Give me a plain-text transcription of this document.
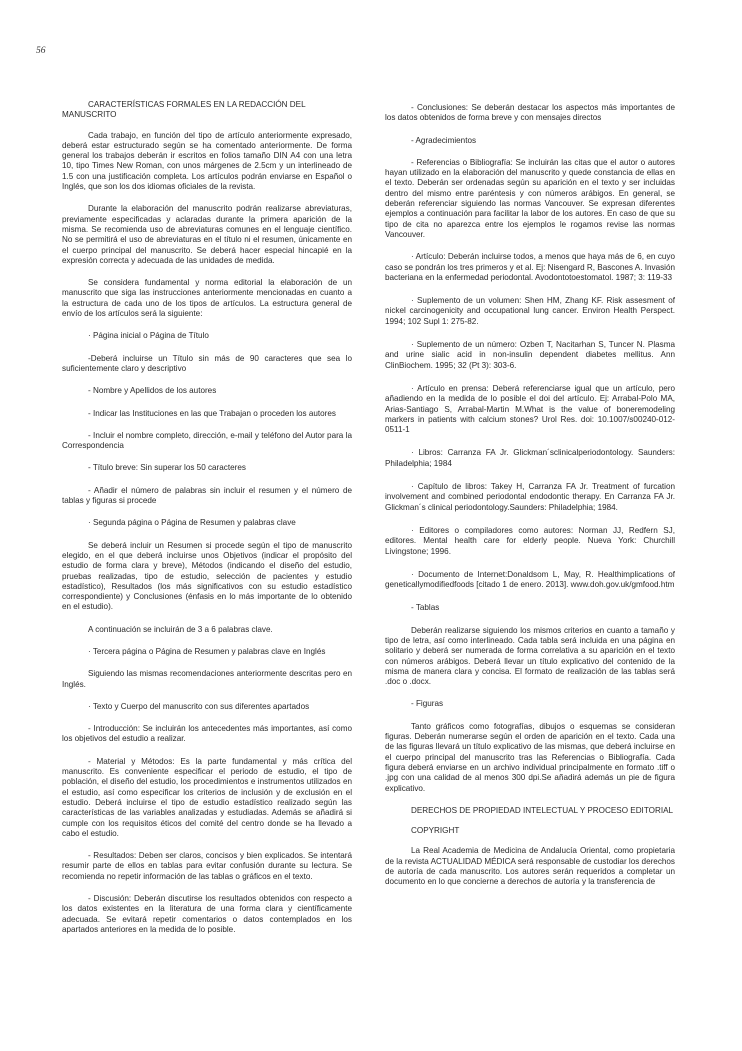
56

CARACTERÍSTICAS FORMALES EN LA REDACCIÓN DEL MANUSCRITO

Cada trabajo, en función del tipo de artículo anteriormente expresado, deberá estar estructurado según se ha comentado anteriormente. De forma general los trabajos deberán ir escritos en folios tamaño DIN A4 con una letra 10, tipo Times New Roman, con unos márgenes de 2.5cm y un interlineado de 1.5 con una justificación completa. Los artículos podrán enviarse en Español o Inglés, que son los dos idiomas oficiales de la revista.

Durante la elaboración del manuscrito podrán realizarse abreviaturas, previamente especificadas y aclaradas durante la primera aparición de la misma. Se recomienda uso de abreviaturas comunes en el lenguaje científico. No se permitirá el uso de abreviaturas en el título ni el resumen, únicamente en el cuerpo principal del manuscrito. Se deberá hacer especial hincapié en la expresión correcta y adecuada de las unidades de medida.

Se considera fundamental y norma editorial la elaboración de un manuscrito que siga las instrucciones anteriormente mencionadas en cuanto a la estructura de cada uno de los tipos de artículos. La estructura general de envío de los artículos será la siguiente:

· Página inicial o Página de Título

-Deberá incluirse un Título sin más de 90 caracteres que sea lo suficientemente claro y descriptivo

- Nombre y Apellidos de los autores

- Indicar las Instituciones en las que Trabajan o proceden los autores

- Incluir el nombre completo, dirección, e-mail y teléfono del Autor para la Correspondencia

- Título breve: Sin superar los 50 caracteres

- Añadir el número de palabras sin incluir el resumen y el número de tablas y figuras si procede

· Segunda página o Página de Resumen y palabras clave

Se deberá incluir un Resumen si procede según el tipo de manuscrito elegido, en el que deberá incluirse unos Objetivos (indicar el propósito del estudio de forma clara y breve), Métodos (indicando el diseño del estudio, pruebas realizadas, tipo de estudio, selección de pacientes y estudio estadístico), Resultados (los más significativos con su estudio estadístico correspondiente) y Conclusiones (énfasis en lo más importante de lo obtenido en el estudio).

A continuación se incluirán de 3 a 6 palabras clave.

· Tercera página o Página de Resumen y palabras clave en Inglés

Siguiendo las mismas recomendaciones anteriormente descritas pero en Inglés.

· Texto y Cuerpo del manuscrito con sus diferentes apartados

- Introducción: Se incluirán los antecedentes más importantes, así como los objetivos del estudio a realizar.

- Material y Métodos: Es la parte fundamental y más crítica del manuscrito. Es conveniente especificar el periodo de estudio, el tipo de población, el diseño del estudio, los procedimientos e instrumentos utilizados en el estudio, así como especificar los criterios de inclusión y de exclusión en el estudio. Deberá incluirse el tipo de estudio estadístico realizado según las características de las variables analizadas y estudiadas. Además se añadirá si cumple con los requisitos éticos del comité del centro donde se ha llevado a cabo el estudio.

- Resultados: Deben ser claros, concisos y bien explicados. Se intentará resumir parte de ellos en tablas para evitar confusión durante su lectura. Se recomienda no repetir información de las tablas o gráficos en el texto.

- Discusión: Deberán discutirse los resultados obtenidos con respecto a los datos existentes en la literatura de una forma clara y científicamente adecuada. Se evitará repetir comentarios o datos contemplados en los apartados anteriores en la medida de lo posible.

- Conclusiones: Se deberán destacar los aspectos más importantes de los datos obtenidos de forma breve y con mensajes directos

- Agradecimientos

- Referencias o Bibliografía: Se incluirán las citas que el autor o autores hayan utilizado en la elaboración del manuscrito y quede constancia de ellas en el texto. Deberán ser ordenadas según su aparición en el texto y ser incluidas dentro del mismo entre paréntesis y con números arábigos. En general, se deberán referenciar siguiendo las normas Vancouver. Se expresan diferentes ejemplos a continuación para facilitar la labor de los autores. En caso de que su tipo de cita no aparezca entre los ejemplos le rogamos revise las normas Vancouver.

· Artículo: Deberán incluirse todos, a menos que haya más de 6, en cuyo caso se pondrán los tres primeros y et al. Ej: Nisengard R, Bascones A. Invasión bacteriana en la enfermedad periodontal. Avodontotoestomatol. 1987; 3: 119-33

· Suplemento de un volumen: Shen HM, Zhang KF. Risk assesment of nickel carcinogenicity and occupational lung cancer. Environ Health Perspect. 1994; 102 Supl 1: 275-82.

· Suplemento de un número: Ozben T, Nacitarhan S, Tuncer N. Plasma and urine sialic acid in non-insulin dependent diabetes mellitus. Ann ClinBiochem. 1995; 32 (Pt 3): 303-6.

· Artículo en prensa: Deberá referenciarse igual que un artículo, pero añadiendo en la medida de lo posible el doi del artículo. Ej: Arrabal-Polo MA, Arias-Santiago S, Arrabal-Martin M.What is the value of boneremodeling markers in patients with calcium stones? Urol Res. doi: 10.1007/s00240-012-0511-1

· Libros: Carranza FA Jr. Glickman´sclinicalperiodontology. Saunders: Philadelphia; 1984

· Capítulo de libros: Takey H, Carranza FA Jr. Treatment of furcation involvement and combined periodontal endodontic therapy. En Carranza FA Jr. Glickman´s clinical periodontology.Saunders: Philadelphia; 1984.

· Editores o compiladores como autores: Norman JJ, Redfern SJ, editores. Mental health care for elderly people. Nueva York: Churchill Livingstone; 1996.

· Documento de Internet:Donaldsom L, May, R. Healthimplications of geneticallymodifiedfoods [citado 1 de enero. 2013]. www.doh.gov.uk/gmfood.htm

- Tablas

Deberán realizarse siguiendo los mismos criterios en cuanto a tamaño y tipo de letra, así como interlineado. Cada tabla será incluida en una página en solitario y deberá ser numerada de forma correlativa a su aparición en el texto con números arábigos. Deberá llevar un título explicativo del contenido de la misma de manera clara y concisa. El formato de realización de las tablas será .doc o .docx.

- Figuras

Tanto gráficos como fotografías, dibujos o esquemas se consideran figuras. Deberán numerarse según el orden de aparición en el texto. Cada una de las figuras llevará un título explicativo de las mismas, que deberá incluirse en el cuerpo principal del manuscrito tras las Referencias o Bibliografía. Cada figura deberá enviarse en un archivo individual principalmente en formato .tiff o .jpg con una calidad de al menos 300 dpi.Se añadirá además un pie de figura explicativo.

DERECHOS DE PROPIEDAD INTELECTUAL Y PROCESO EDITORIAL

COPYRIGHT

La Real Academia de Medicina de Andalucía Oriental, como propietaria de la revista ACTUALIDAD MÉDICA será responsable de custodiar los derechos de autoría de cada manuscrito. Los autores serán requeridos a completar un documento en lo que concierne a derechos de autoría y la transferencia de
